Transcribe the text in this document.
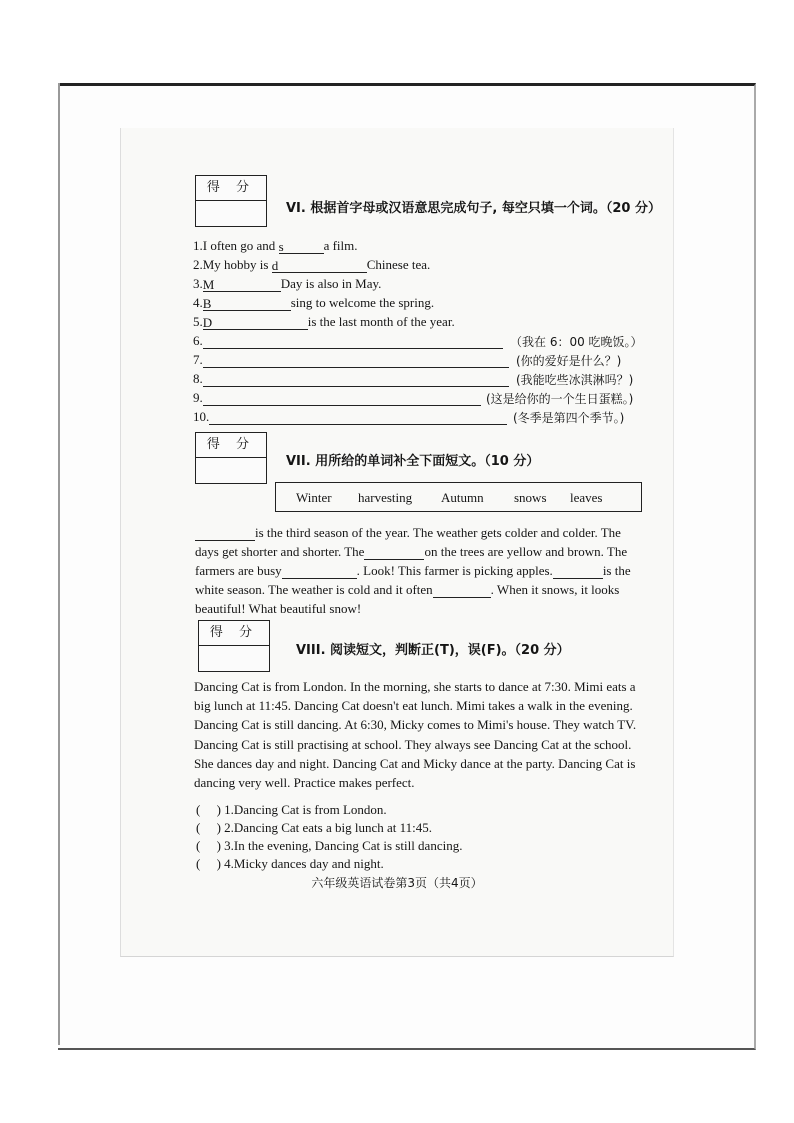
得 分
VI. 根据首字母或汉语意思完成句子, 每空只填一个词。（20 分）
1.I often go and s	a film.
2.My hobby is d	Chinese tea.
3.M	Day is also in May.
4.B	sing to welcome the spring.
5.D	is the last month of the year.
6.	（我在 6：00 吃晚饭。）
7.	(你的爱好是什么？)
8.	(我能吃些冰淇淋吗？)
9.	(这是给你的一个生日蛋糕。)
10.	(冬季是第四个季节。)
得 分
VII. 用所给的单词补全下面短文。（10 分）
Winter harvesting Autumn snows leaves
is the third season of the year. The weather gets colder and colder. The
days get shorter and shorter. The	on the trees are yellow and brown. The
farmers are busy	. Look! This farmer is picking apples.	is the
white season. The weather is cold and it often	. When it snows, it looks
beautiful! What beautiful snow!
得 分
VIII. 阅读短文，判断正(T)，误(F)。（20 分）
Dancing Cat is from London. In the morning, she starts to dance at 7:30. Mimi eats a
big lunch at 11:45. Dancing Cat doesn't eat lunch. Mimi takes a walk in the evening.
Dancing Cat is still dancing. At 6:30, Micky comes to Mimi's house. They watch TV.
Dancing Cat is still practising at school. They always see Dancing Cat at the school.
She dances day and night. Dancing Cat and Micky dance at the party. Dancing Cat is
dancing very well. Practice makes perfect.
(     ) 1.Dancing Cat is from London.
(     ) 2.Dancing Cat eats a big lunch at 11:45.
(     ) 3.In the evening, Dancing Cat is still dancing.
(     ) 4.Micky dances day and night.
六年级英语试卷第3页（共4页）
